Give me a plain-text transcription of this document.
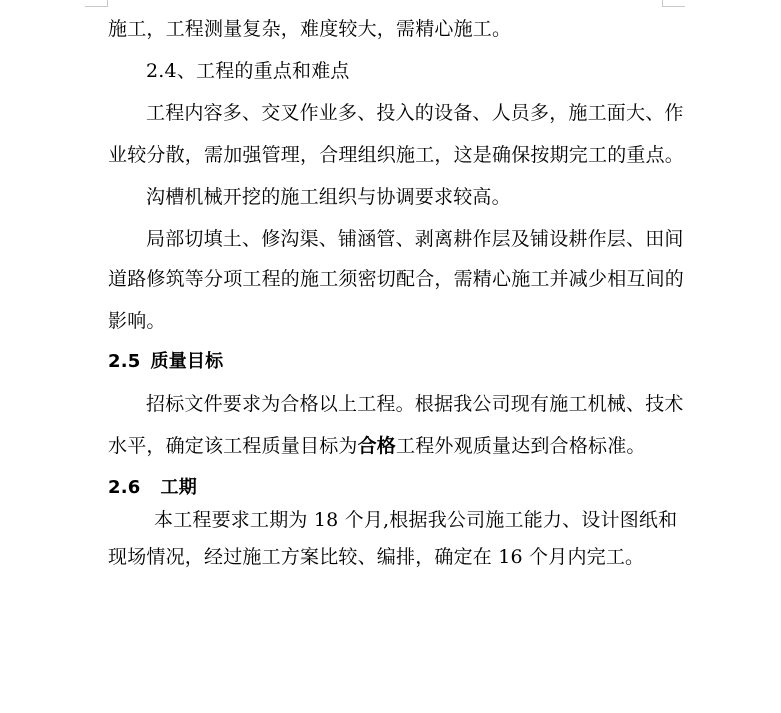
施工，工程测量复杂，难度较大，需精心施工。
2.4、工程的重点和难点
工程内容多、交叉作业多、投入的设备、人员多，施工面大、作
业较分散，需加强管理，合理组织施工，这是确保按期完工的重点。
沟槽机械开挖的施工组织与协调要求较高。
局部切填土、修沟渠、铺涵管、剥离耕作层及铺设耕作层、田间
道路修筑等分项工程的施工须密切配合，需精心施工并减少相互间的
影响。
2.5 质量目标
招标文件要求为合格以上工程。根据我公司现有施工机械、技术
水平，确定该工程质量目标为合格工程外观质量达到合格标准。
2.6 工期
本工程要求工期为 18 个月,根据我公司施工能力、设计图纸和
现场情况，经过施工方案比较、编排，确定在 16 个月内完工。
